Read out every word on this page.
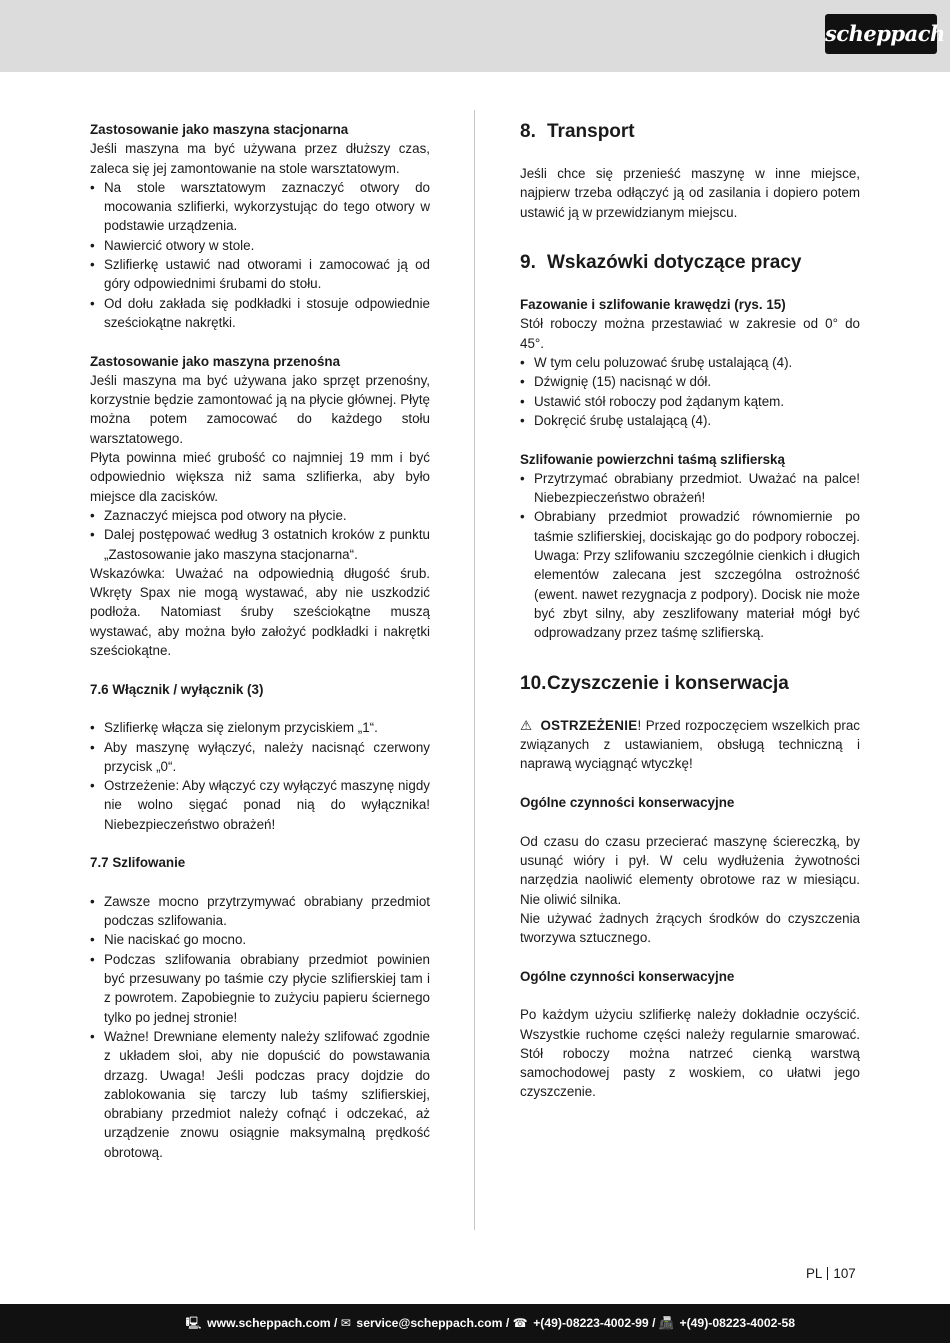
scheppach
Zastosowanie jako maszyna stacjonarna

Jeśli maszyna ma być używana przez dłuższy czas, zaleca się jej zamontowanie na stole warsztatowym.

• Na stole warsztatowym zaznaczyć otwory do mocowania szlifierki, wykorzystując do tego otwory w podstawie urządzenia.
• Nawiercić otwory w stole.
• Szlifierkę ustawić nad otworami i zamocować ją od góry odpowiednimi śrubami do stołu.
• Od dołu zakłada się podkładki i stosuje odpowiednie sześciokątne nakrętki.
Zastosowanie jako maszyna przenośna

Jeśli maszyna ma być używana jako sprzęt przenośny, korzystnie będzie zamontować ją na płycie głównej. Płytę można potem zamocować do każdego stołu warsztatowego.

Płyta powinna mieć grubość co najmniej 19 mm i być odpowiednio większa niż sama szlifierka, aby było miejsce dla zacisków.

• Zaznaczyć miejsca pod otwory na płycie.
• Dalej postępować według 3 ostatnich kroków z punktu „Zastosowanie jako maszyna stacjonarna“.

Wskazówka: Uważać na odpowiednią długość śrub. Wkręty Spax nie mogą wystawać, aby nie uszkodzić podłoża. Natomiast śruby sześciokątne muszą wystawać, aby można było założyć podkładki i nakrętki sześciokątne.

7.6 Włącznik / wyłącznik (3)
• Szlifierkę włącza się zielonym przyciskiem „1“.
• Aby maszynę wyłączyć, należy nacisnąć czerwony przycisk „0“.
• Ostrzeżenie: Aby włączyć czy wyłączyć maszynę nigdy nie wolno sięgać ponad nią do wyłącznika! Niebezpieczeństwo obrażeń!
7.7 Szlifowanie
• Zawsze mocno przytrzymywać obrabiany przedmiot podczas szlifowania.
• Nie naciskać go mocno.
• Podczas szlifowania obrabiany przedmiot powinien być przesuwany po taśmie czy płycie szlifierskiej tam i z powrotem. Zapobiegnie to zużyciu papieru ściernego tylko po jednej stronie!
• Ważne! Drewniane elementy należy szlifować zgodnie z układem słoi, aby nie dopuścić do powstawania drzazg. Uwaga! Jeśli podczas pracy dojdzie do zablokowania się tarczy lub taśmy szlifierskiej, obrabiany przedmiot należy cofnąć i odczekać, aż urządzenie znowu osiągnie maksymalną prędkość obrotową.
8. Transport

Jeśli chce się przenieść maszynę w inne miejsce, najpierw trzeba odłączyć ją od zasilania i dopiero potem ustawić ją w przewidzianym miejscu.

9. Wskazówki dotyczące pracy
Fazowanie i szlifowanie krawędzi (rys. 15)

Stół roboczy można przestawiać w zakresie od 0° do 45°.

• W tym celu poluzować śrubę ustalającą (4).
• Dźwignię (15) nacisnąć w dół.
• Ustawić stół roboczy pod żądanym kątem.
• Dokręcić śrubę ustalającą (4).
Szlifowanie powierzchni taśmą szlifierską
• Przytrzymać obrabiany przedmiot. Uważać na palce! Niebezpieczeństwo obrażeń!
• Obrabiany przedmiot prowadzić równomiernie po taśmie szlifierskiej, dociskając go do podpory roboczej. Uwaga: Przy szlifowaniu szczególnie cienkich i długich elementów zalecana jest szczególna ostrożność (ewent. nawet rezygnacja z podpory). Docisk nie może być zbyt silny, aby zeszlifowany materiał mógł być odprowadzany przez taśmę szlifierską.
10. Czyszczenie i konserwacja

⚠ OSTRZEŻENIE! Przed rozpoczęciem wszelkich prac związanych z ustawianiem, obsługą techniczną i naprawą wyciągnąć wtyczkę!

Ogólne czynności konserwacyjne

Od czasu do czasu przecierać maszynę ściereczką, by usunąć wióry i pył. W celu wydłużenia żywotności narzędzia naoliwić elementy obrotowe raz w miesiącu. Nie oliwić silnika.

Nie używać żadnych żrących środków do czyszczenia tworzywa sztucznego.

Ogólne czynności konserwacyjne

Po każdym użyciu szlifierkę należy dokładnie oczyścić. Wszystkie ruchome części należy regularnie smarować. Stół roboczy można natrzeć cienką warstwą samochodowej pasty z woskiem, co ułatwi jego czyszczenie.

PL 107
🖳 www.scheppach.com / ✉ service@scheppach.com / ☎ +(49)-08223-4002-99 / 📠 +(49)-08223-4002-58
